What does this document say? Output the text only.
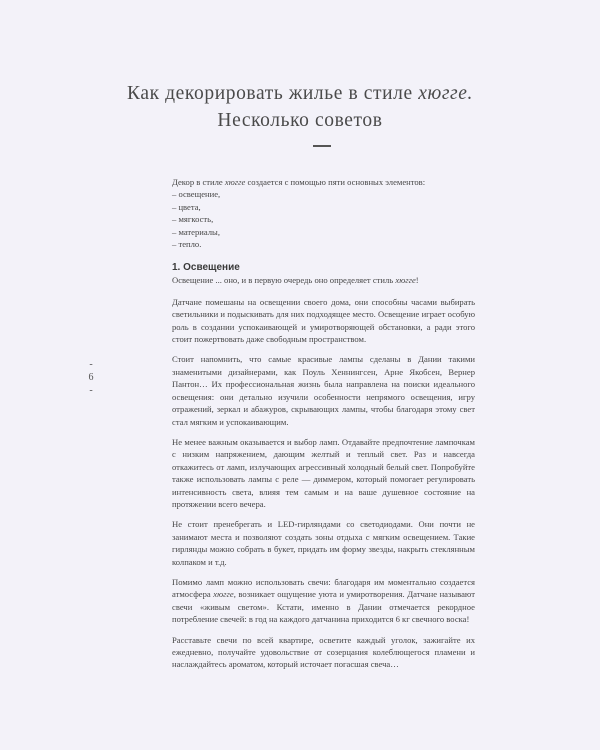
Как декорировать жилье в стиле хюгге.
Несколько советов
-
6
-
Декор в стиле хюгге создается с помощью пяти основных элементов:
– освещение,
– цвета,
– мягкость,
– материалы,
– тепло.
1. Освещение

Освещение ... оно, и в первую очередь оно определяет стиль хюгге!

Датчане помешаны на освещении своего дома, они способны часами выбирать светильники и подыскивать для них подходящее место. Освещение играет особую роль в создании успокаивающей и умиротворяющей обстановки, а ради этого стоит пожертвовать даже свободным пространством.

Стоит напомнить, что самые красивые лампы сделаны в Дании такими знаменитыми дизайнерами, как Поуль Хеннингсен, Арне Якобсен, Вернер Пантон… Их профессиональная жизнь была направлена на поиски идеального освещения: они детально изучили особенности непрямого освещения, игру отражений, зеркал и абажуров, скрывающих лампы, чтобы благодаря этому свет стал мягким и успокаивающим.

Не менее важным оказывается и выбор ламп. Отдавайте предпочтение лампочкам с низким напряжением, дающим желтый и теплый свет. Раз и навсегда откажитесь от ламп, излучающих агрессивный холодный белый свет. Попробуйте также использовать лампы с реле — диммером, который помогает регулировать интенсивность света, влияя тем самым и на ваше душевное состояние на протяжении всего вечера.

Не стоит пренебрегать и LED-гирляндами со светодиодами. Они почти не занимают места и позволяют создать зоны отдыха с мягким освещением. Такие гирлянды можно собрать в букет, придать им форму звезды, накрыть стеклянным колпаком и т.д.

Помимо ламп можно использовать свечи: благодаря им моментально создается атмосфера хюгге, возникает ощущение уюта и умиротворения. Датчане называют свечи «живым светом». Кстати, именно в Дании отмечается рекордное потребление свечей: в год на каждого датчанина приходится 6 кг свечного воска!

Расставьте свечи по всей квартире, осветите каждый уголок, зажигайте их ежедневно, получайте удовольствие от созерцания колеблющегося пламени и наслаждайтесь ароматом, который источает погасшая свеча…
